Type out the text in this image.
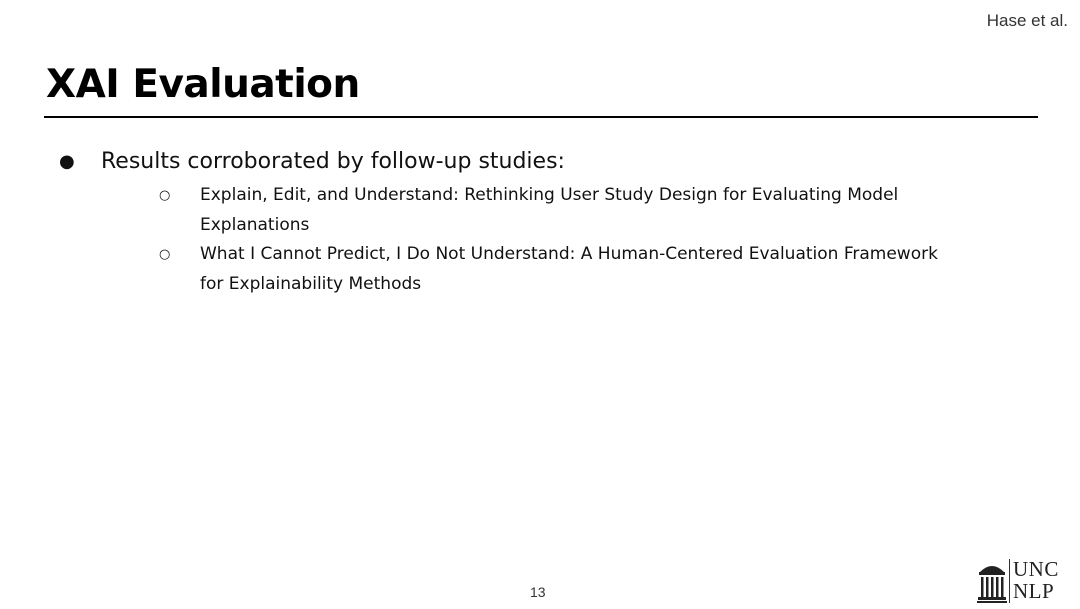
Hase et al.
XAI Evaluation
● Results corroborated by follow-up studies:
○	Explain, Edit, and Understand: Rethinking User Study Design for Evaluating Model Explanations
○	What I Cannot Predict, I Do Not Understand: A Human-Centered Evaluation Framework for Explainability Methods
13
UNC
NLP
